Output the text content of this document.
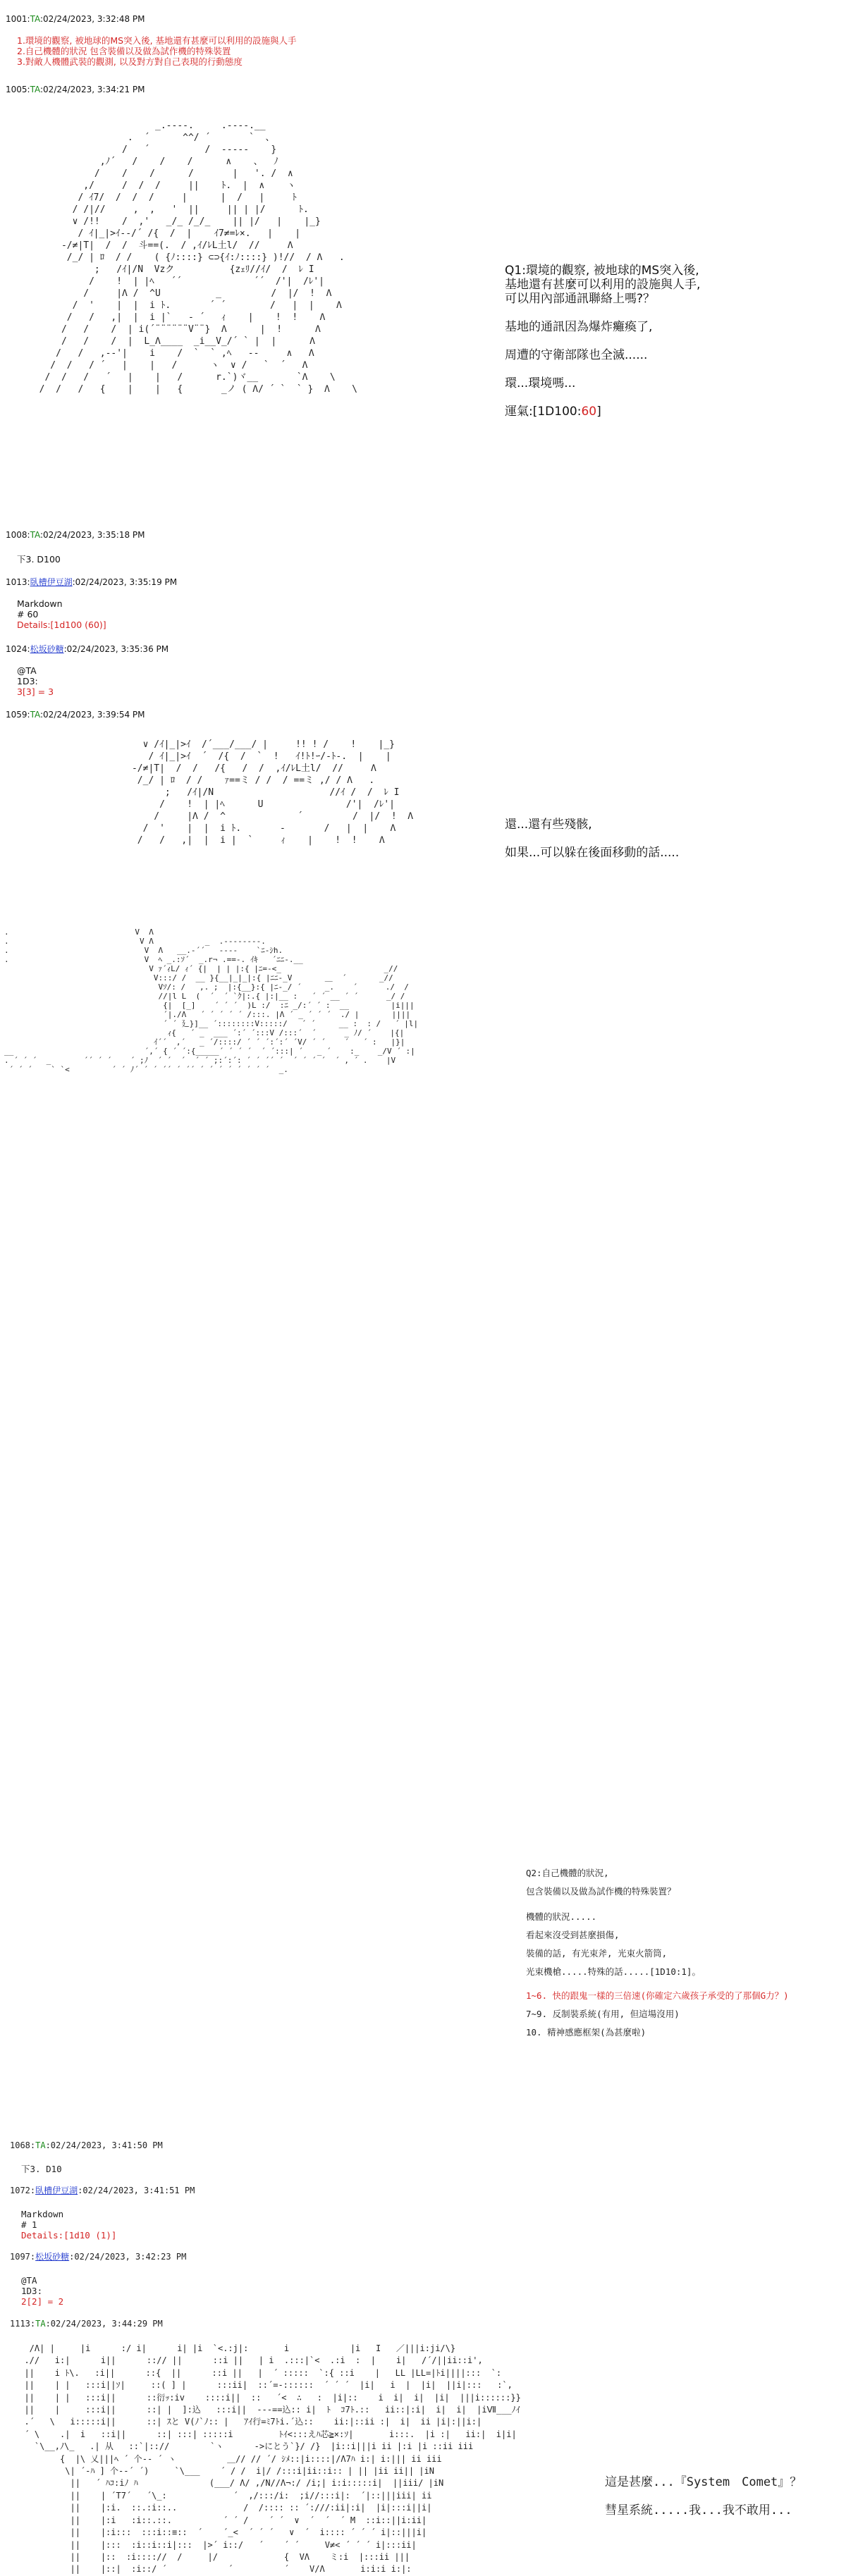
1001:TA:02/24/2023, 3:32:48 PM
1.環境的觀察, 被地球的MS突入後, 基地還有甚麼可以利用的設施與人手
2.自己機體的狀況 包含裝備以及做為試作機的特殊裝置
3.對敵人機體武裝的觀測, 以及對方對自己表現的行動態度
1005:TA:02/24/2023, 3:34:21 PM
_.----.     .----.__
.  ´      ^^/ ´       `  、
/   ´          /  ‐‐‐‐-    }
,ﾉ´   /    /    /      ∧    、  ﾉ
/    /    /      /       |   '. /  ∧
,/     /  /  /     ||    ﾄ.  |  ∧    ヽ
/ ｲ7/  /  /  /     |      |  /   |     ﾄ
/ /|//     ,  ,   '  ||     || | |/      ﾄ.
∨ /!!    /  ,'   _/_ /_/_    || |/   |    |_}
/ ｲ|_|>ｲ-‐/´ /{  /  |    ｲ7≠=ﾚ×.   |    |
‐/≠|T|  /  /  斗==(.  / ,ｲ/ﾚL土l/  //     Λ
/_/ | ﾛ  / /    ( {ﾉ::::} ⊂⊃{ｲ:ﾉ::::} )!//  / Λ   .
;   /ｲ|/N  Vzク          {zｪﾘ//ｲ/  /  ﾚ I
/    !  | |ﾍ   ´´             ´´  /'|  /ﾚ'|
/     |Λ /  ^U          _         /  |/  !  Λ
/  '    |  |  i ﾄ.       ´ ´        /   |  |    Λ
/   /   ,|  |  i |`   ‐ ´   ｨ    |    !  !    Λ
/   /    /  | i(´¨¨¨¨¨¨V¨¨}  Λ      |  !      Λ
/   /    /  |  L_Λ____  _i__V_/´ ` |  |      Λ
/   /   ,--'|    i    /  `  ` ,ﾍ   ‐‐     ∧   Λ
/  /   / ´   |    |   /      ヽ  ∨ /   `  ´   Λ
/  /   /   ´   |    |   /      r.`)ヾ__       `Λ    \
/  /   /   {    |    |   {       _ノ ( Λ/ ´ `  ` }  Λ    \
Q1:環境的觀察, 被地球的MS突入後,
基地還有甚麼可以利用的設施與人手,
可以用內部通訊聯絡上嗎?？

基地的通訊因為爆炸癱瘓了,

周遭的守衛部隊也全滅......

環...環境嗎...

運氣:[1D100:60]
1008:TA:02/24/2023, 3:35:18 PM
下3. D100
1013:臥槽伊豆湖:02/24/2023, 3:35:19 PM
Markdown
# 60
Details:[1d100 (60)]
1024:松坂砂糖:02/24/2023, 3:35:36 PM
@TA
1D3:
3[3] = 3
1059:TA:02/24/2023, 3:39:54 PM
∨ /ｲ|_|>ｲ  /´___/___/ |     !! ! /    !    |_}
/ ｲ|_|>ｲ  ´  /{  /  `  !   ｲ!ﾄ!ｰ/-ﾄ-.  |    |
‐/≠|T|  /  /   /{   /  /  ,ｲ/ﾚL土l/  //     Λ
/_/ | ﾛ  / /    ｧ==ミ / /  / ==ミ ,/ / Λ   .
;   /ｲ|/N                     //ｲ /  /  ﾚ I
/    !  | |ﾍ      U               /'|  /ﾚ'|
/     |Λ /  ^             ´         /  |/  !  Λ
/  '    |  |  i ﾄ.       -       /   |  |    Λ
/   /   ,|  |  i |  `     ｨ    |    !  !    Λ
還...還有些殘骸,

如果...可以躲在後面移動的話.....
.                           V  Λ
.                            V Λ           _  .--------.
.                             V  Λ   __.-´´   ‐-‐-    `ﾆ-ｼh.
.                             V  ﾍ _.:ｿ´  _.r¬ .==-. ｲｷ   ´ﾆﾆ-.__
V ｧ´ｨL/ ｨ´ {|  | | |:{ |ﾆ=-<_                      _//
V:::/ /  __ }{__|_|_|:{ |ﾆﾆ-_V       ＿  ´       _//
Vｿ/: /   ,. ;  |:{__}:{ |ﾆ-_/ ´     _.    ´      ./  /
//|l L  (  ´  ´ `ｸ|:.{ |:|__ :   ´ ´ __ ´ ´      _/ /
{|  [_]    ´ ´ ´  )L :/  :ﾆ _/:´ ´ :  __         |i|||
´|./Λ   ´ ´ ´ ´ ´ /:::. |Λ ´ _ ´ ´ ´  ./ |       ||||
´ ´ 廴}]__ ´::::::::V:::::/   ´ ´     __ :  : /   ´ |l|
ｨ{   ´ _  ___ ´:´ ´:::V /:::´  ´      _ ﾉ/ ´    |{|
ｲ´´  ,´   _ ´/::::/ ´ ´ ´:´:´ ´V/ ´ ´    ´   ´ :   |}|
__                            ´,´ { ´ ´:{_____´ ´ ´ ´  ´ ´:::| ´   _ ´    :_    _/V ´ :|
. ´ ´ ´  _       ´´ ´ ´    ´ ;ﾉ  ´ ´  ´  ´ ´ ;:´:´: ´ ´ ´´ ´  ´ ´ ´ ´  ´ , ´ .    |V
´ ´ ´    ` `<         ´ ´ ﾉ´ ´ ´ ´´ ´ ´´ ´ ´ ´ ´ ´ ´ ´ ´  _.

Q2:自己機體的狀況,
包含裝備以及做為試作機的特殊裝置？
機體的狀況.....
看起來沒受到甚麼損傷,
裝備的話, 有光束斧, 光束火箭筒,
光束機槍.....特殊的話.....[1D10:1]。
1~6. 快的跟鬼一樣的三倍速(你確定六歲孩子承受的了那個G力？)
7~9. 反制裝系統(有用, 但這場沒用)
10. 精神感應框架(為甚麼啦)

1068:TA:02/24/2023, 3:41:50 PM

下3. D10

1072:臥槽伊豆湖:02/24/2023, 3:41:51 PM

Markdown
# 1
Details:[1d10 (1)]

1097:松坂砂糖:02/24/2023, 3:42:23 PM

@TA
1D3:
2[2] = 2

1113:TA:02/24/2023, 3:44:29 PM

/Λ| |     |i      :/ i|      i| |i  `<.:j|:       i            |i   I   ／|||i:ji/\}
.//   i:|      i||      ::// ||      ::i ||   | i  .:::|`<  .:i  :  |    i|   /´/||ii::i',
||    i ﾄ\.   :i||      ::{  ||      ::i ||   |  ´ :::::  `:{ ::i    |   LL |LL=|ﾄi||||:::  `:
||    | |   :::i||ｿ|     ::( ] |      :::ii|  ::´=-::::::  ´ ´ ´  |i|   i  |  |i|  ||i|:::   :`,
||    | |   :::i||      ::衍ｯ:iv    ::::i||  ::   ´<  ∴   :  |i|::    i  i|  i|  |i|  |||i::::::}}
||    |     :::i||      ::| |  ]:込   :::i||  ---==込:: i|  ﾄ  ｺ7ﾄ.::   ii::|:i|  i|  i|  |iⅦ___ﾉｲ
.´   \   i:::::i||      ::| ｽと V(ﾉ`ﾉ:: |   ｱｲ行=ﾐ7ﾄi.´込::    ii:|::ii :|  i|  ii |i|:||i:|
´ \    .|  i   ::i||      ::| :::| :::::i         ﾄｲ<:::えﾊ芯≧×:ｿ|       i:::.  |i :|   ii:|  i|i|
`\__,ﾉ\_   .| 从   ::`|:://        `ヽ      ->にとう`}/ /}  |i::i|||i ii |:i |i ::ii iii
{  |\ 乂|||ﾍ ´ 个-‐ ´ ヽ          ＿// // ´/ ｼﾒ::|i::::|/Λ7ﾊ i:| i:||| ii iii
\| ´‐ﾊ ] 个-‐´ ´)     `\___    ´ / /  i|/ /:::i|ii::i:: | || |ii ii|| |iN
||   ´ ﾊｺ:iﾉ ﾊ              (___/ Λ/ ,/N//Λ¬:/ /i;| i:i:::::i|  ||iii/ |iN
||    | ´T7´   ´\_:             ´  ,/:::/i:  ;i//:::i|:  ´|::|||iii| ii
||    |:i.  ::.:i::..             /  /:::: :: ´:///:ii|:i|  |i|:::i||i|
||    |:i   :i::.::.          ´ ´ /    ´ ´  ∨  ´  ´  ´ M  ::i::||i:ii|
||    |:i:::  :::i::≡::  ´    ´_<  ´ ´ ´   ∨  ´  i:::: ´ ´ ´ i|::|||i|
||    |:::  :i::i::i|:::  |>´ i::/   ´    ´ ´     V≠< ´ ´ ´ i|:::ii|
||    |::  :i:::://  /     |/             {  VΛ    ミ:i  |:::ii |||
||    |::|  :i::/ ´            ´          ´    V/Λ       i:i:i i:|:

這是甚麼...『System　Comet』？

彗星系統.....我...我不敢用...
